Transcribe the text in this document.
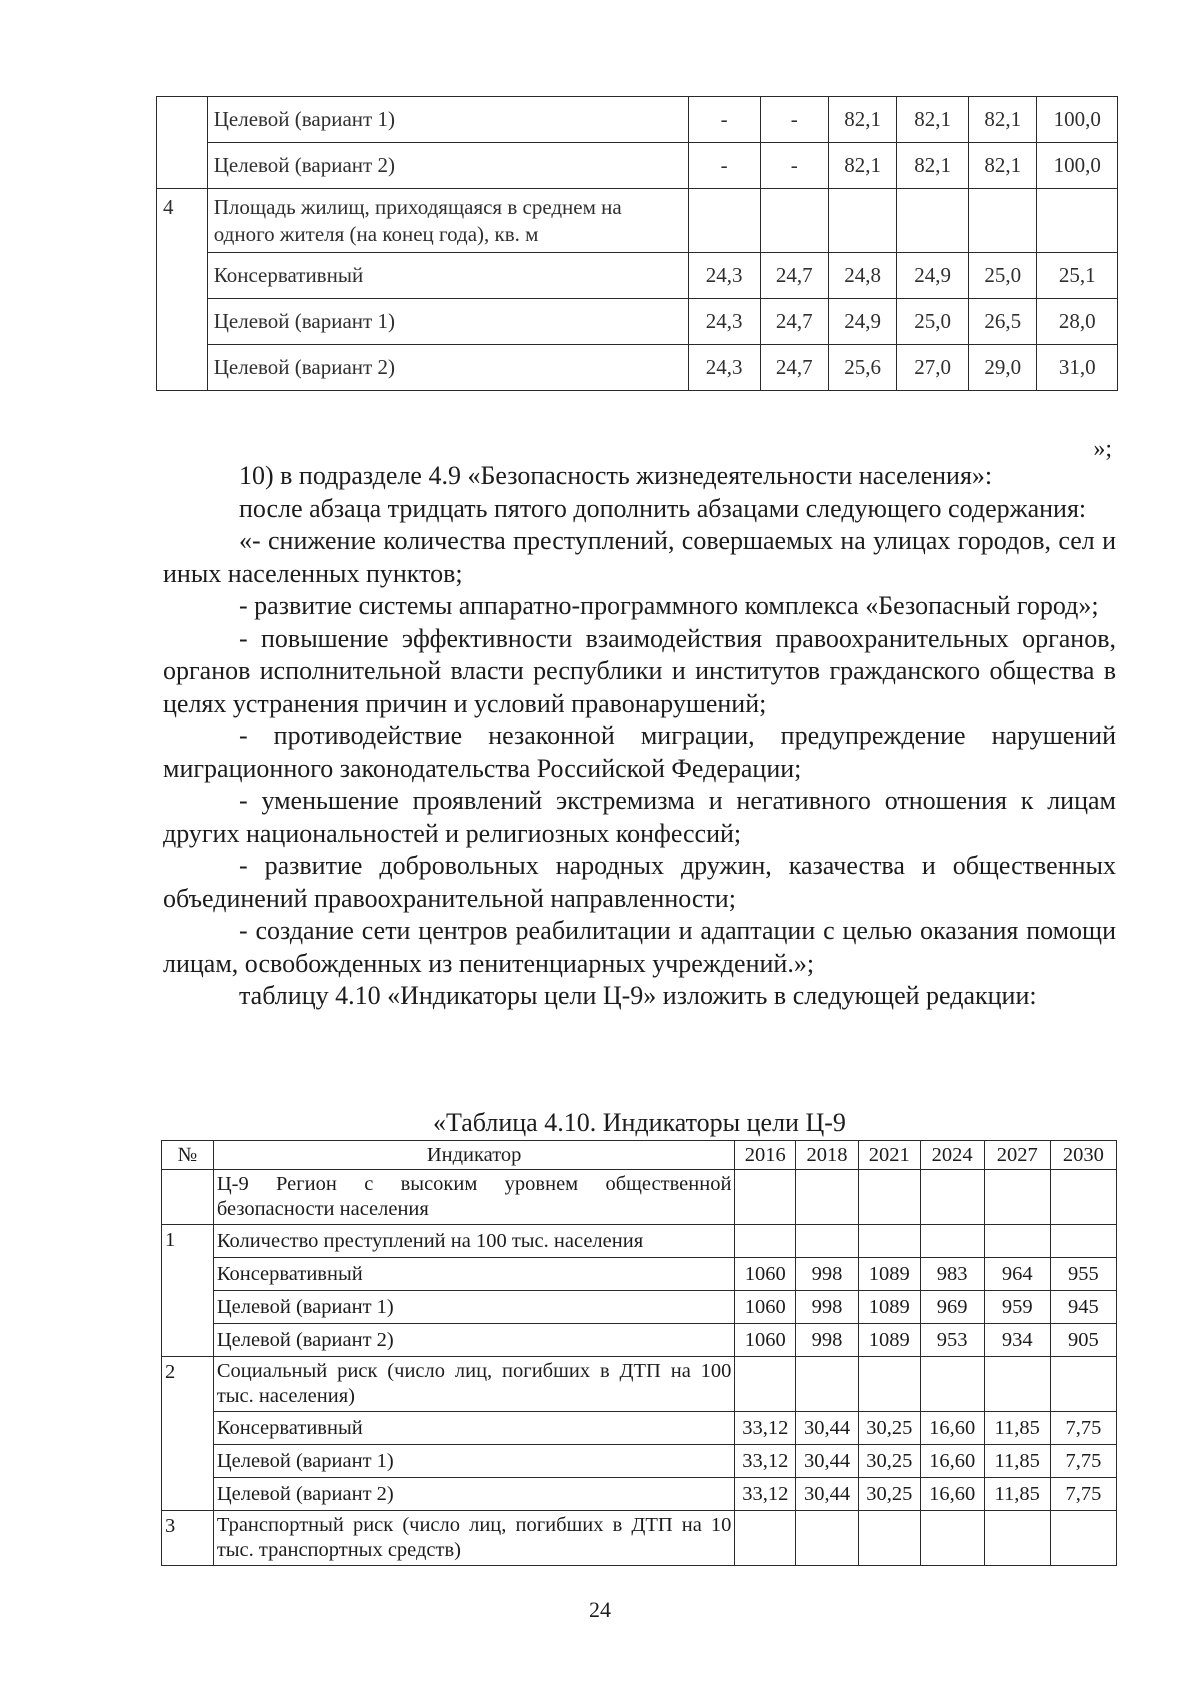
	Целевой (вариант 1)	-	-	82,1	82,1	82,1	100,0
	Целевой (вариант 2)	-	-	82,1	82,1	82,1	100,0
4	Площадь жилищ, приходящаяся в среднем на одного жителя (на конец года), кв. м						
	Консервативный	24,3	24,7	24,8	24,9	25,0	25,1
	Целевой (вариант 1)	24,3	24,7	24,9	25,0	26,5	28,0
	Целевой (вариант 2)	24,3	24,7	25,6	27,0	29,0	31,0
»;

10) в подразделе 4.9 «Безопасность жизнедеятельности населения»:

после абзаца тридцать пятого дополнить абзацами следующего содержания:

«- снижение количества преступлений, совершаемых на улицах городов, сел и иных населенных пунктов;

- развитие системы аппаратно-программного комплекса «Безопасный город»;

- повышение эффективности взаимодействия правоохранительных органов, органов исполнительной власти республики и институтов гражданского общества в целях устранения причин и условий правонарушений;

- противодействие незаконной миграции, предупреждение нарушений миграционного законодательства Российской Федерации;

- уменьшение проявлений экстремизма и негативного отношения к лицам других национальностей и религиозных конфессий;

- развитие добровольных народных дружин, казачества и общественных объединений правоохранительной направленности;

- создание сети центров реабилитации и адаптации с целью оказания помощи лицам, освобожденных из пенитенциарных учреждений.»;

таблицу 4.10 «Индикаторы цели Ц-9» изложить в следующей редакции:

«Таблица 4.10. Индикаторы цели Ц-9
№	Индикатор	2016	2018	2021	2024	2027	2030
	Ц-9 Регион с высоким уровнем общественной безопасности населения						
1	Количество преступлений на 100 тыс. населения						
	Консервативный	1060	998	1089	983	964	955
	Целевой (вариант 1)	1060	998	1089	969	959	945
	Целевой (вариант 2)	1060	998	1089	953	934	905
2	Социальный риск (число лиц, погибших в ДТП на 100 тыс. населения)						
	Консервативный	33,12	30,44	30,25	16,60	11,85	7,75
	Целевой (вариант 1)	33,12	30,44	30,25	16,60	11,85	7,75
	Целевой (вариант 2)	33,12	30,44	30,25	16,60	11,85	7,75
3	Транспортный риск (число лиц, погибших в ДТП на 10 тыс. транспортных средств)						
24
